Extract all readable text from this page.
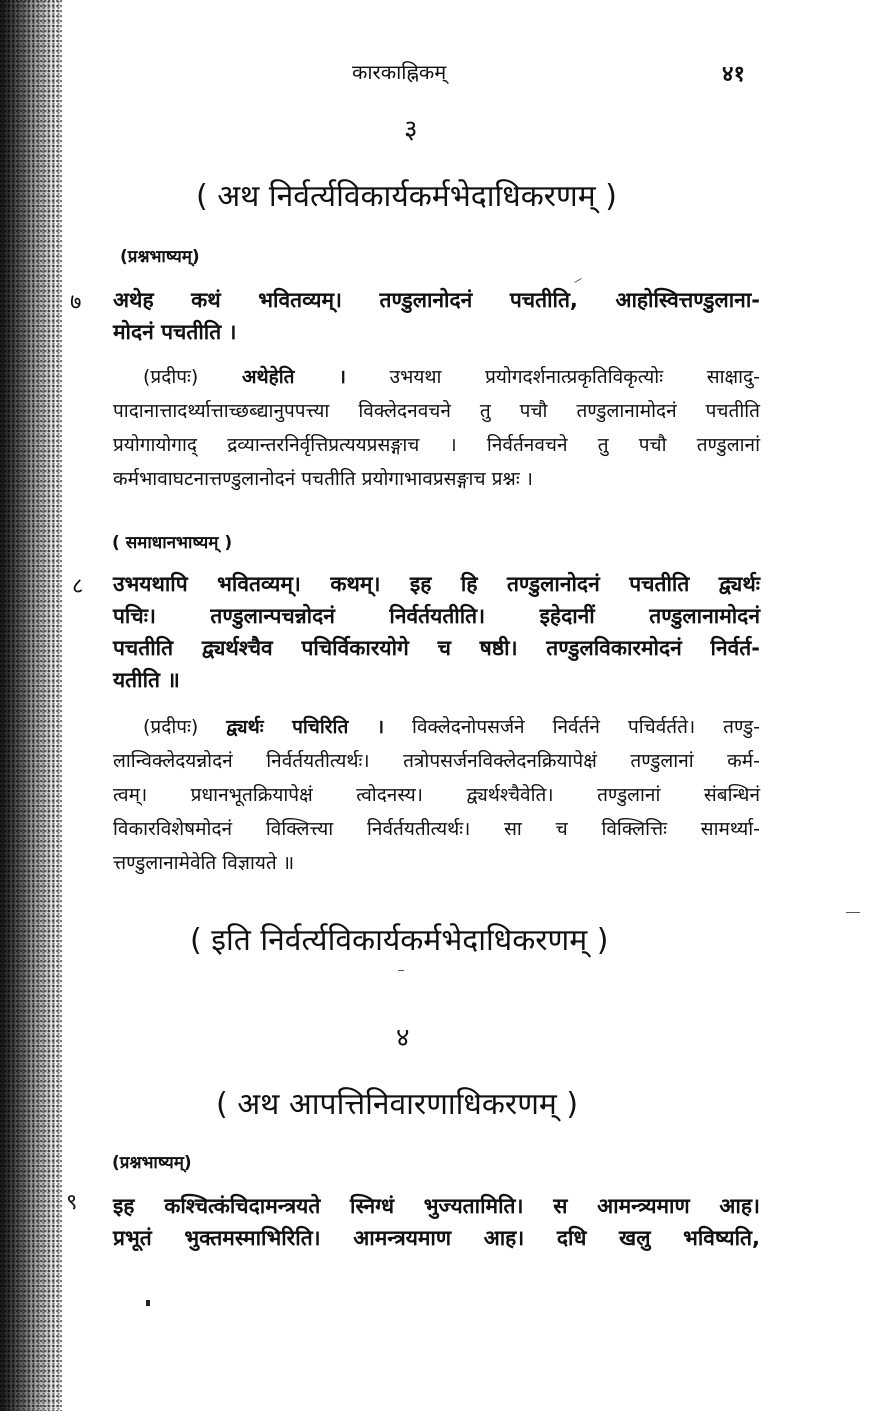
कारकाह्निकम्	४१
३
( अथ निर्वर्त्यविकार्यकर्मभेदाधिकरणम् )
(प्रश्नभाष्यम्)
७ अथेह कथं भवितव्यम्। तण्डुलानोदनं पचतीति, आहोस्वित्तण्डुलाना-
मोदनं पचतीति ।
(प्रदीपः) अथेहेति । उभयथा प्रयोगदर्शनात्प्रकृतिविकृत्योः साक्षादु-
पादानात्तादर्थ्यात्ताच्छब्द्यानुपपत्त्या विक्लेदनवचने तु पचौ तण्डुलानामोदनं पचतीति
प्रयोगायोगाद् द्रव्यान्तरनिर्वृत्तिप्रत्ययप्रसङ्गाच । निर्वर्तनवचने तु पचौ तण्डुलानां
कर्मभावाघटनात्तण्डुलानोदनं पचतीति प्रयोगाभावप्रसङ्गाच प्रश्नः ।
( समाधानभाष्यम् )
८ उभयथापि भवितव्यम्। कथम्। इह हि तण्डुलानोदनं पचतीति द्व्यर्थः
पचिः। तण्डुलान्पचन्नोदनं निर्वर्तयतीति। इहेदानीं तण्डुलानामोदनं
पचतीति द्व्यर्थश्चैव पचिर्विकारयोगे च षष्ठी। तण्डुलविकारमोदनं निर्वर्त-
यतीति ॥
(प्रदीपः) द्व्यर्थः पचिरिति । विक्लेदनोपसर्जने निर्वर्तने पचिर्वर्तते। तण्डु-
लान्विक्लेदयन्नोदनं निर्वर्तयतीत्यर्थः। तत्रोपसर्जनविक्लेदनक्रियापेक्षं तण्डुलानां कर्म-
त्वम्। प्रधानभूतक्रियापेक्षं त्वोदनस्य। द्व्यर्थश्चैवेति। तण्डुलानां संबन्धिनं
विकारविशेषमोदनं विक्लित्त्या निर्वर्तयतीत्यर्थः। सा च विक्लित्तिः सामर्थ्या-
त्तण्डुलानामेवेति विज्ञायते ॥
( इति निर्वर्त्यविकार्यकर्मभेदाधिकरणम् )
४
( अथ आपत्तिनिवारणाधिकरणम् )
(प्रश्नभाष्यम्)
९ इह कश्चित्कंचिदामन्त्रयते स्निग्धं भुज्यतामिति। स आमन्त्र्यमाण आह।
प्रभूतं भुक्तमस्माभिरिति। आमन्त्रयमाण आह। दधि खलु भविष्यति,
